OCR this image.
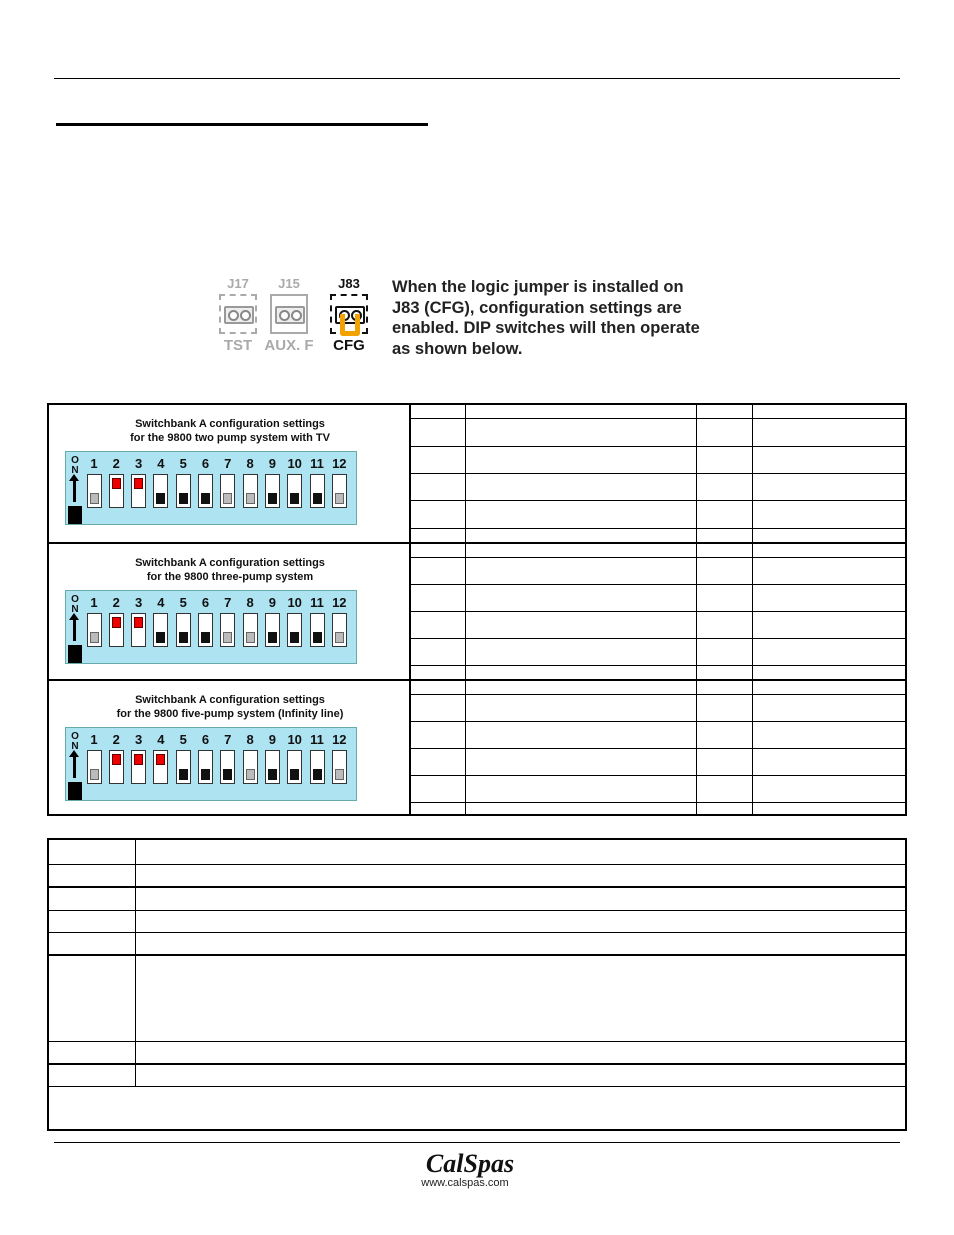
J17
TST
J15
AUX. F
J83
CFG
When the logic jumper is installed on
J83 (CFG), configuration settings are
enabled. DIP switches will then operate
as shown below.
Switchbank A configuration settings
for the 9800 two pump system with TV
O
N 1	2	3	4	5	6	7	8	9 10 11 12

Switchbank A configuration settings
for the 9800 three-pump system
O
N 1	2	3	4	5	6	7	8	9 10 11 12

Switchbank A configuration settings
for the 9800 five-pump system (Infinity line)
O
N 1	2	3	4	5	6	7	8	9 10 11 12

CalSpas
www.calspas.com
